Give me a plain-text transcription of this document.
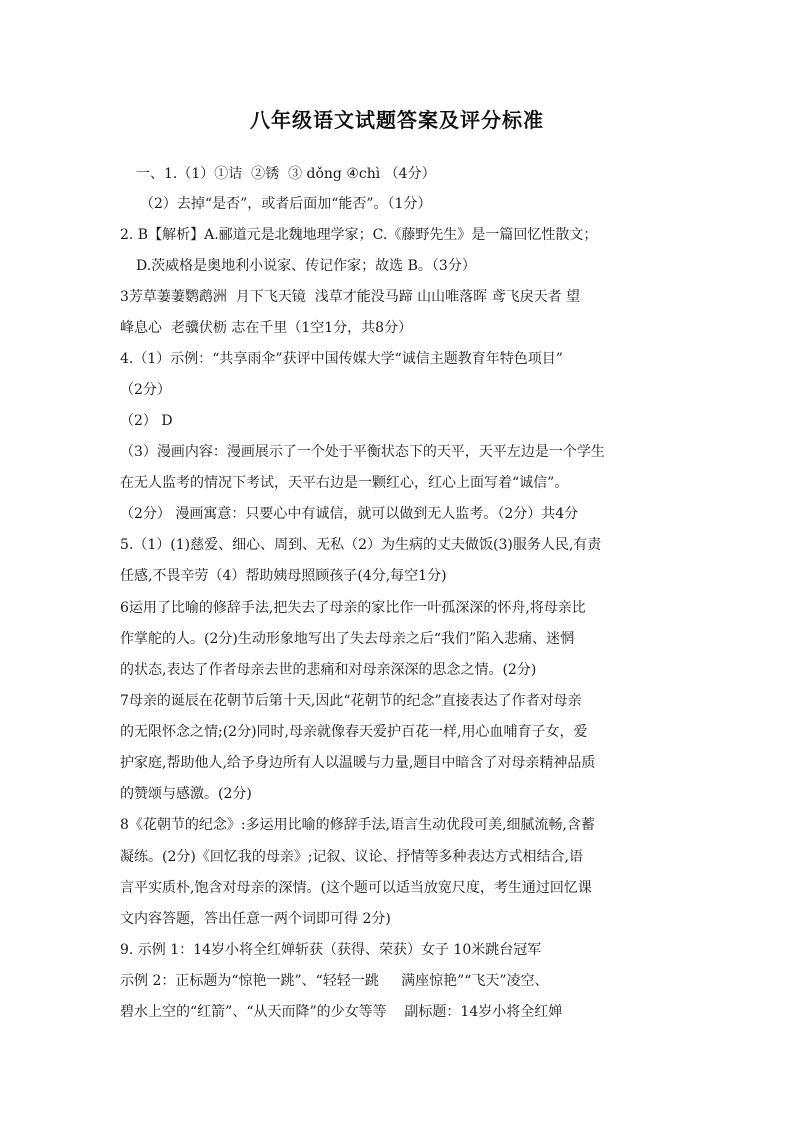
八年级语文试题答案及评分标准
一、1.（1）①诘  ②锈  ③ dǒng ④chì （4分）
（2）去掉“是否”，或者后面加“能否”。（1分）
2. B【解析】A.郦道元是北魏地理学家；C.《藤野先生》是一篇回忆性散文；
D.茨威格是奥地利小说家、传记作家；故选 B。（3分）
3芳草萋萋鹦鹉洲  月下飞天镜  浅草才能没马蹄 山山唯落晖 鸢飞戾天者 望
峰息心  老骥伏枥 志在千里（1空1分，共8分）
4.（1）示例：“共享雨伞”获评中国传媒大学“诚信主题教育年特色项目”
（2分）
（2） D
（3）漫画内容：漫画展示了一个处于平衡状态下的天平，天平左边是一个学生
在无人监考的情况下考试，天平右边是一颗红心，红心上面写着“诚信”。
（2分） 漫画寓意：只要心中有诚信，就可以做到无人监考。（2分）共4分
5.（1）(1)慈爱、细心、周到、无私（2）为生病的丈夫做饭(3)服务人民,有责
任感,不畏辛劳（4）帮助姨母照顾孩子(4分,每空1分)
6运用了比喻的修辞手法,把失去了母亲的家比作一叶孤深深的怀舟,将母亲比
作掌舵的人。(2分)生动形象地写出了失去母亲之后“我们”陷入悲痛、迷惘
的状态,表达了作者母亲去世的悲痛和对母亲深深的思念之情。(2分)
7母亲的诞辰在花朝节后第十天,因此“花朝节的纪念”直接表达了作者对母亲
的无限怀念之情;(2分)同时,母亲就像春天爱护百花一样,用心血哺育子女，爱
护家庭,帮助他人,给予身边所有人以温暖与力量,题目中暗含了对母亲精神品质
的赞颂与感激。(2分)
8《花朝节的纪念》:多运用比喻的修辞手法,语言生动优段可美,细腻流畅,含蓄
凝练。(2分)《回忆我的母亲》;记叙、议论、抒情等多种表达方式相结合,语
言平实质朴,饱含对母亲的深情。(这个题可以适当放宽尺度，考生通过回忆课
文内容答题，答出任意一两个词即可得 2分)
9. 示例 1：14岁小将全红婵斩获（获得、荣获）女子 10米跳台冠军
示例 2：正标题为“惊艳一跳”、“轻轻一跳     满座惊艳”“飞天”凌空、
碧水上空的“红箭”、“从天而降”的少女等等    副标题：14岁小将全红婵
